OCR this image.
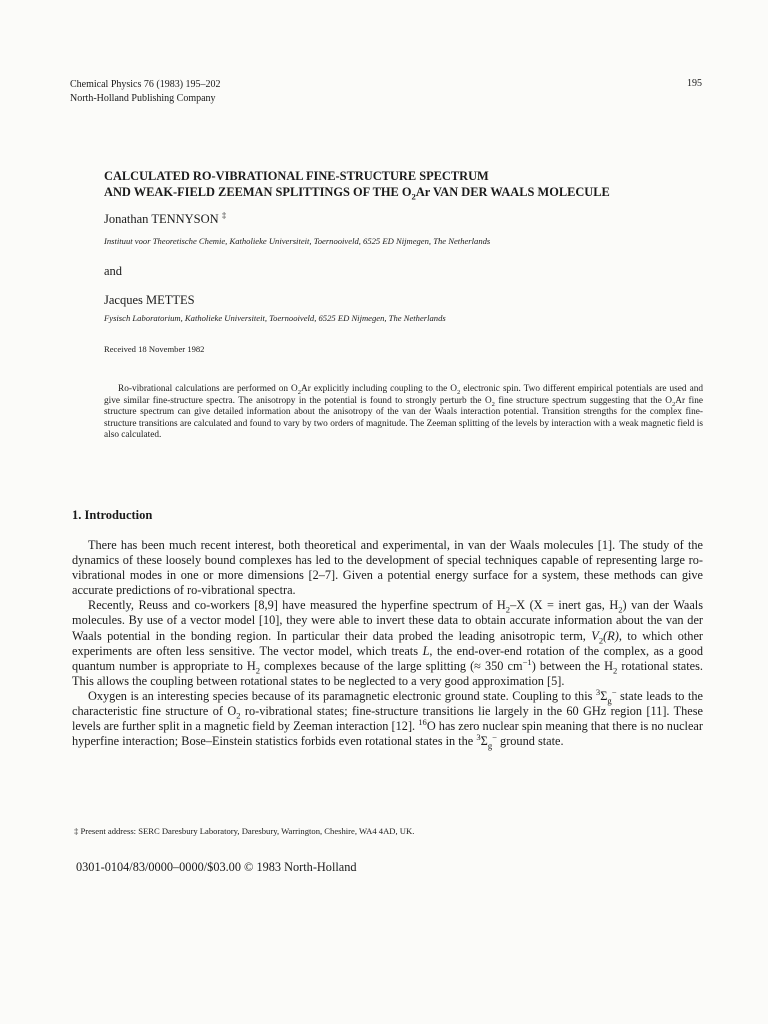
Chemical Physics 76 (1983) 195–202
North-Holland Publishing Company
195
CALCULATED RO-VIBRATIONAL FINE-STRUCTURE SPECTRUM
AND WEAK-FIELD ZEEMAN SPLITTINGS OF THE $O_2Ar$ VAN DER WAALS MOLECULE
Jonathan TENNYSON ‡
Instituut voor Theoretische Chemie, Katholieke Universiteit, Toernooiveld, 6525 ED Nijmegen, The Netherlands
and
Jacques METTES
Fysisch Laboratorium, Katholieke Universiteit, Toernooiveld, 6525 ED Nijmegen, The Netherlands
Received 18 November 1982
Ro-vibrational calculations are performed on $O_2Ar$ explicitly including coupling to the $O_2$ electronic spin. Two different empirical potentials are used and give similar fine-structure spectra. The anisotropy in the potential is found to strongly perturb the $O_2$ fine structure spectrum suggesting that the $O_2Ar$ fine structure spectrum can give detailed information about the anisotropy of the van der Waals interaction potential. Transition strengths for the complex fine-structure transitions are calculated and found to vary by two orders of magnitude. The Zeeman splitting of the levels by interaction with a weak magnetic field is also calculated.
1. Introduction

There has been much recent interest, both theoretical and experimental, in van der Waals molecules [1]. The study of the dynamics of these loosely bound complexes has led to the development of special techniques capable of representing large ro-vibrational modes in one or more dimensions [2–7]. Given a potential energy surface for a system, these methods can give accurate predictions of ro-vibrational spectra.

Recently, Reuss and co-workers [8,9] have measured the hyperfine spectrum of $H_2-X$ (X = inert gas, $H_2$) van der Waals molecules. By use of a vector model [10], they were able to invert these data to obtain accurate information about the van der Waals potential in the bonding region. In particular their data probed the leading anisotropic term, $V_2(R)$, to which other experiments are often less sensitive. The vector model, which treats L, the end-over-end rotation of the complex, as a good quantum number is appropriate to $H_2$ complexes because of the large splitting (≈ 350 $cm^{-1}$) between the $H_2$ rotational states. This allows the coupling between rotational states to be neglected to a very good approximation [5].

Oxygen is an interesting species because of its paramagnetic electronic ground state. Coupling to this $^3\Sigma_g^-$ state leads to the characteristic fine structure of $O_2$ ro-vibrational states; fine-structure transitions lie largely in the 60 GHz region [11]. These levels are further split in a magnetic field by Zeeman interaction [12]. $^{16}$O has zero nuclear spin meaning that there is no nuclear hyperfine interaction; Bose–Einstein statistics forbids even rotational states in the $^3\Sigma_g^-$ ground state.

‡ Present address: SERC Daresbury Laboratory, Daresbury, Warrington, Cheshire, WA4 4AD, UK.
0301-0104/83/0000–0000/$03.00 © 1983 North-Holland
